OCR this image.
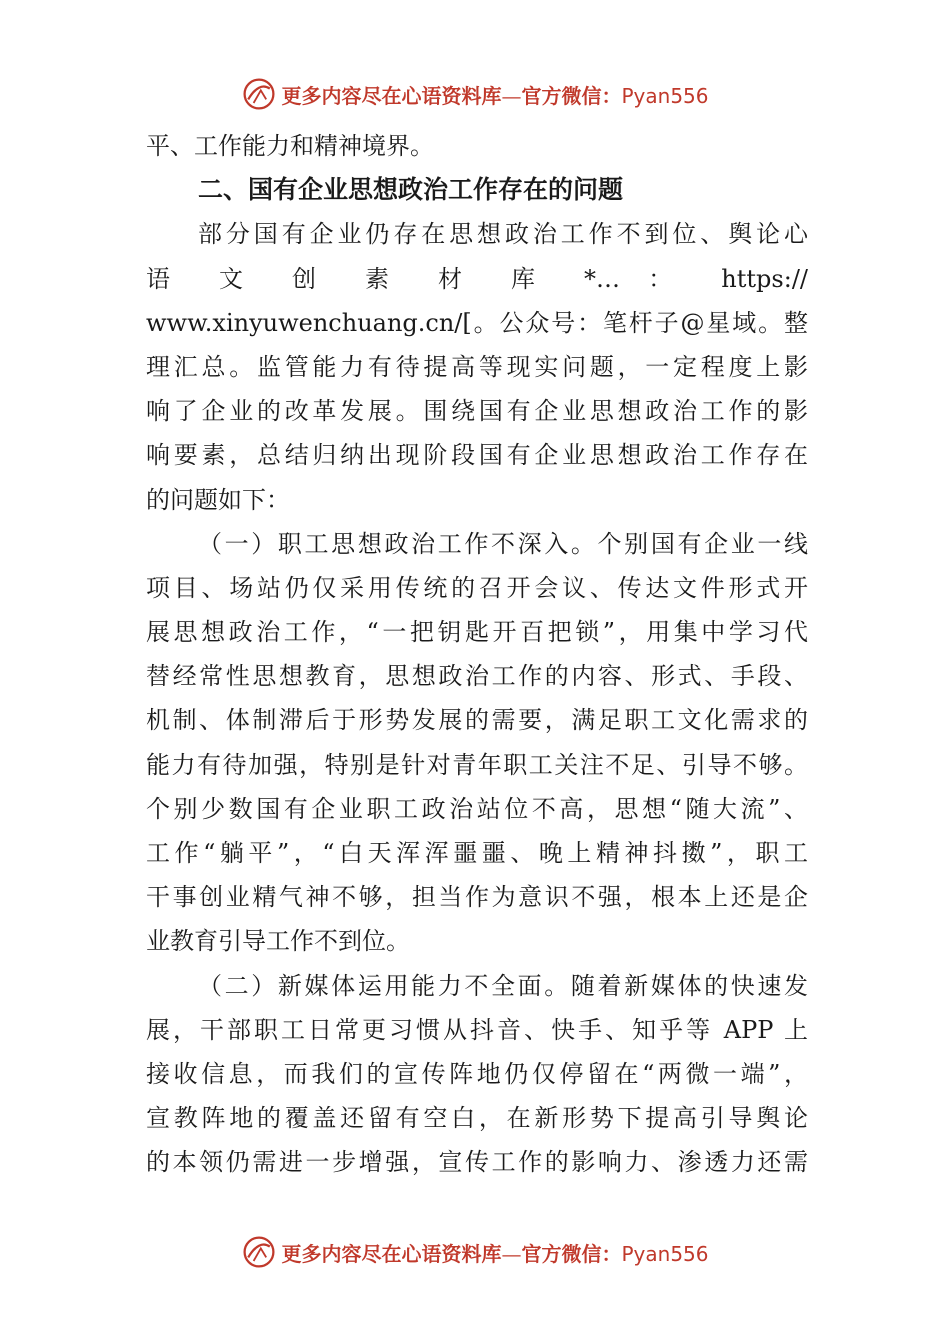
更多内容尽在心语资料库—官方微信：Pyan556
平、工作能力和精神境界。
二、国有企业思想政治工作存在的问题
部分国有企业仍存在思想政治工作不到位、舆论心
语 文 创 素 材 库 *… ： https://
www.xinyuwenchuang.cn/[。公众号：笔杆子@星域。整
理汇总。监管能力有待提高等现实问题，一定程度上影
响了企业的改革发展。围绕国有企业思想政治工作的影
响要素，总结归纳出现阶段国有企业思想政治工作存在
的问题如下：
（一）职工思想政治工作不深入。个别国有企业一线
项目、场站仍仅采用传统的召开会议、传达文件形式开
展思想政治工作，“一把钥匙开百把锁”，用集中学习代
替经常性思想教育，思想政治工作的内容、形式、手段、
机制、体制滞后于形势发展的需要，满足职工文化需求的
能力有待加强，特别是针对青年职工关注不足、引导不够。
个别少数国有企业职工政治站位不高，思想“随大流”、
工作“躺平”，“白天浑浑噩噩、晚上精神抖擞”，职工
干事创业精气神不够，担当作为意识不强，根本上还是企
业教育引导工作不到位。
（二）新媒体运用能力不全面。随着新媒体的快速发
展，干部职工日常更习惯从抖音、快手、知乎等 APP 上
接收信息，而我们的宣传阵地仍仅停留在“两微一端”，
宣教阵地的覆盖还留有空白，在新形势下提高引导舆论
的本领仍需进一步增强，宣传工作的影响力、渗透力还需
更多内容尽在心语资料库—官方微信：Pyan556
